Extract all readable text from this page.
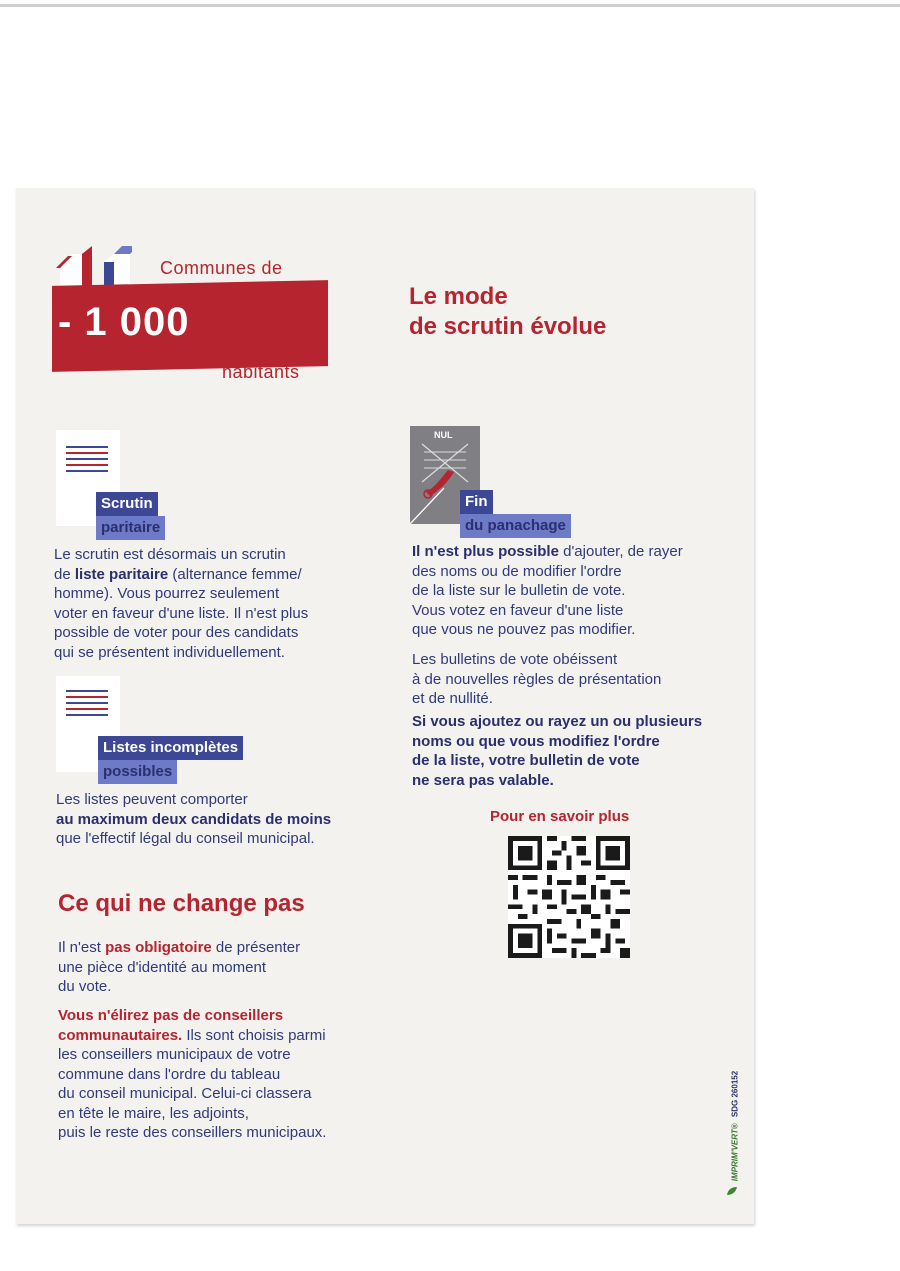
Communes de
- 1 000
habitants
Le mode
de scrutin évolue
Scrutin
paritaire
Le scrutin est désormais un scrutin
de liste paritaire (alternance femme/
homme). Vous pourrez seulement
voter en faveur d'une liste. Il n'est plus
possible de voter pour des candidats
qui se présentent individuellement.
Listes incomplètes
possibles
Les listes peuvent comporter
au maximum deux candidats de moins
que l'effectif légal du conseil municipal.
Ce qui ne change pas
Il n'est pas obligatoire de présenter
une pièce d'identité au moment
du vote.
Vous n'élirez pas de conseillers
communautaires. Ils sont choisis parmi
les conseillers municipaux de votre
commune dans l'ordre du tableau
du conseil municipal. Celui-ci classera
en tête le maire, les adjoints,
puis le reste des conseillers municipaux.
NUL
Fin
du panachage
Il n'est plus possible d'ajouter, de rayer
des noms ou de modifier l'ordre
de la liste sur le bulletin de vote.
Vous votez en faveur d'une liste
que vous ne pouvez pas modifier.
Les bulletins de vote obéissent
à de nouvelles règles de présentation
et de nullité.
Si vous ajoutez ou rayez un ou plusieurs
noms ou que vous modifiez l'ordre
de la liste, votre bulletin de vote
ne sera pas valable.
Pour en savoir plus
IMPRIM'VERT® SDG 260152
